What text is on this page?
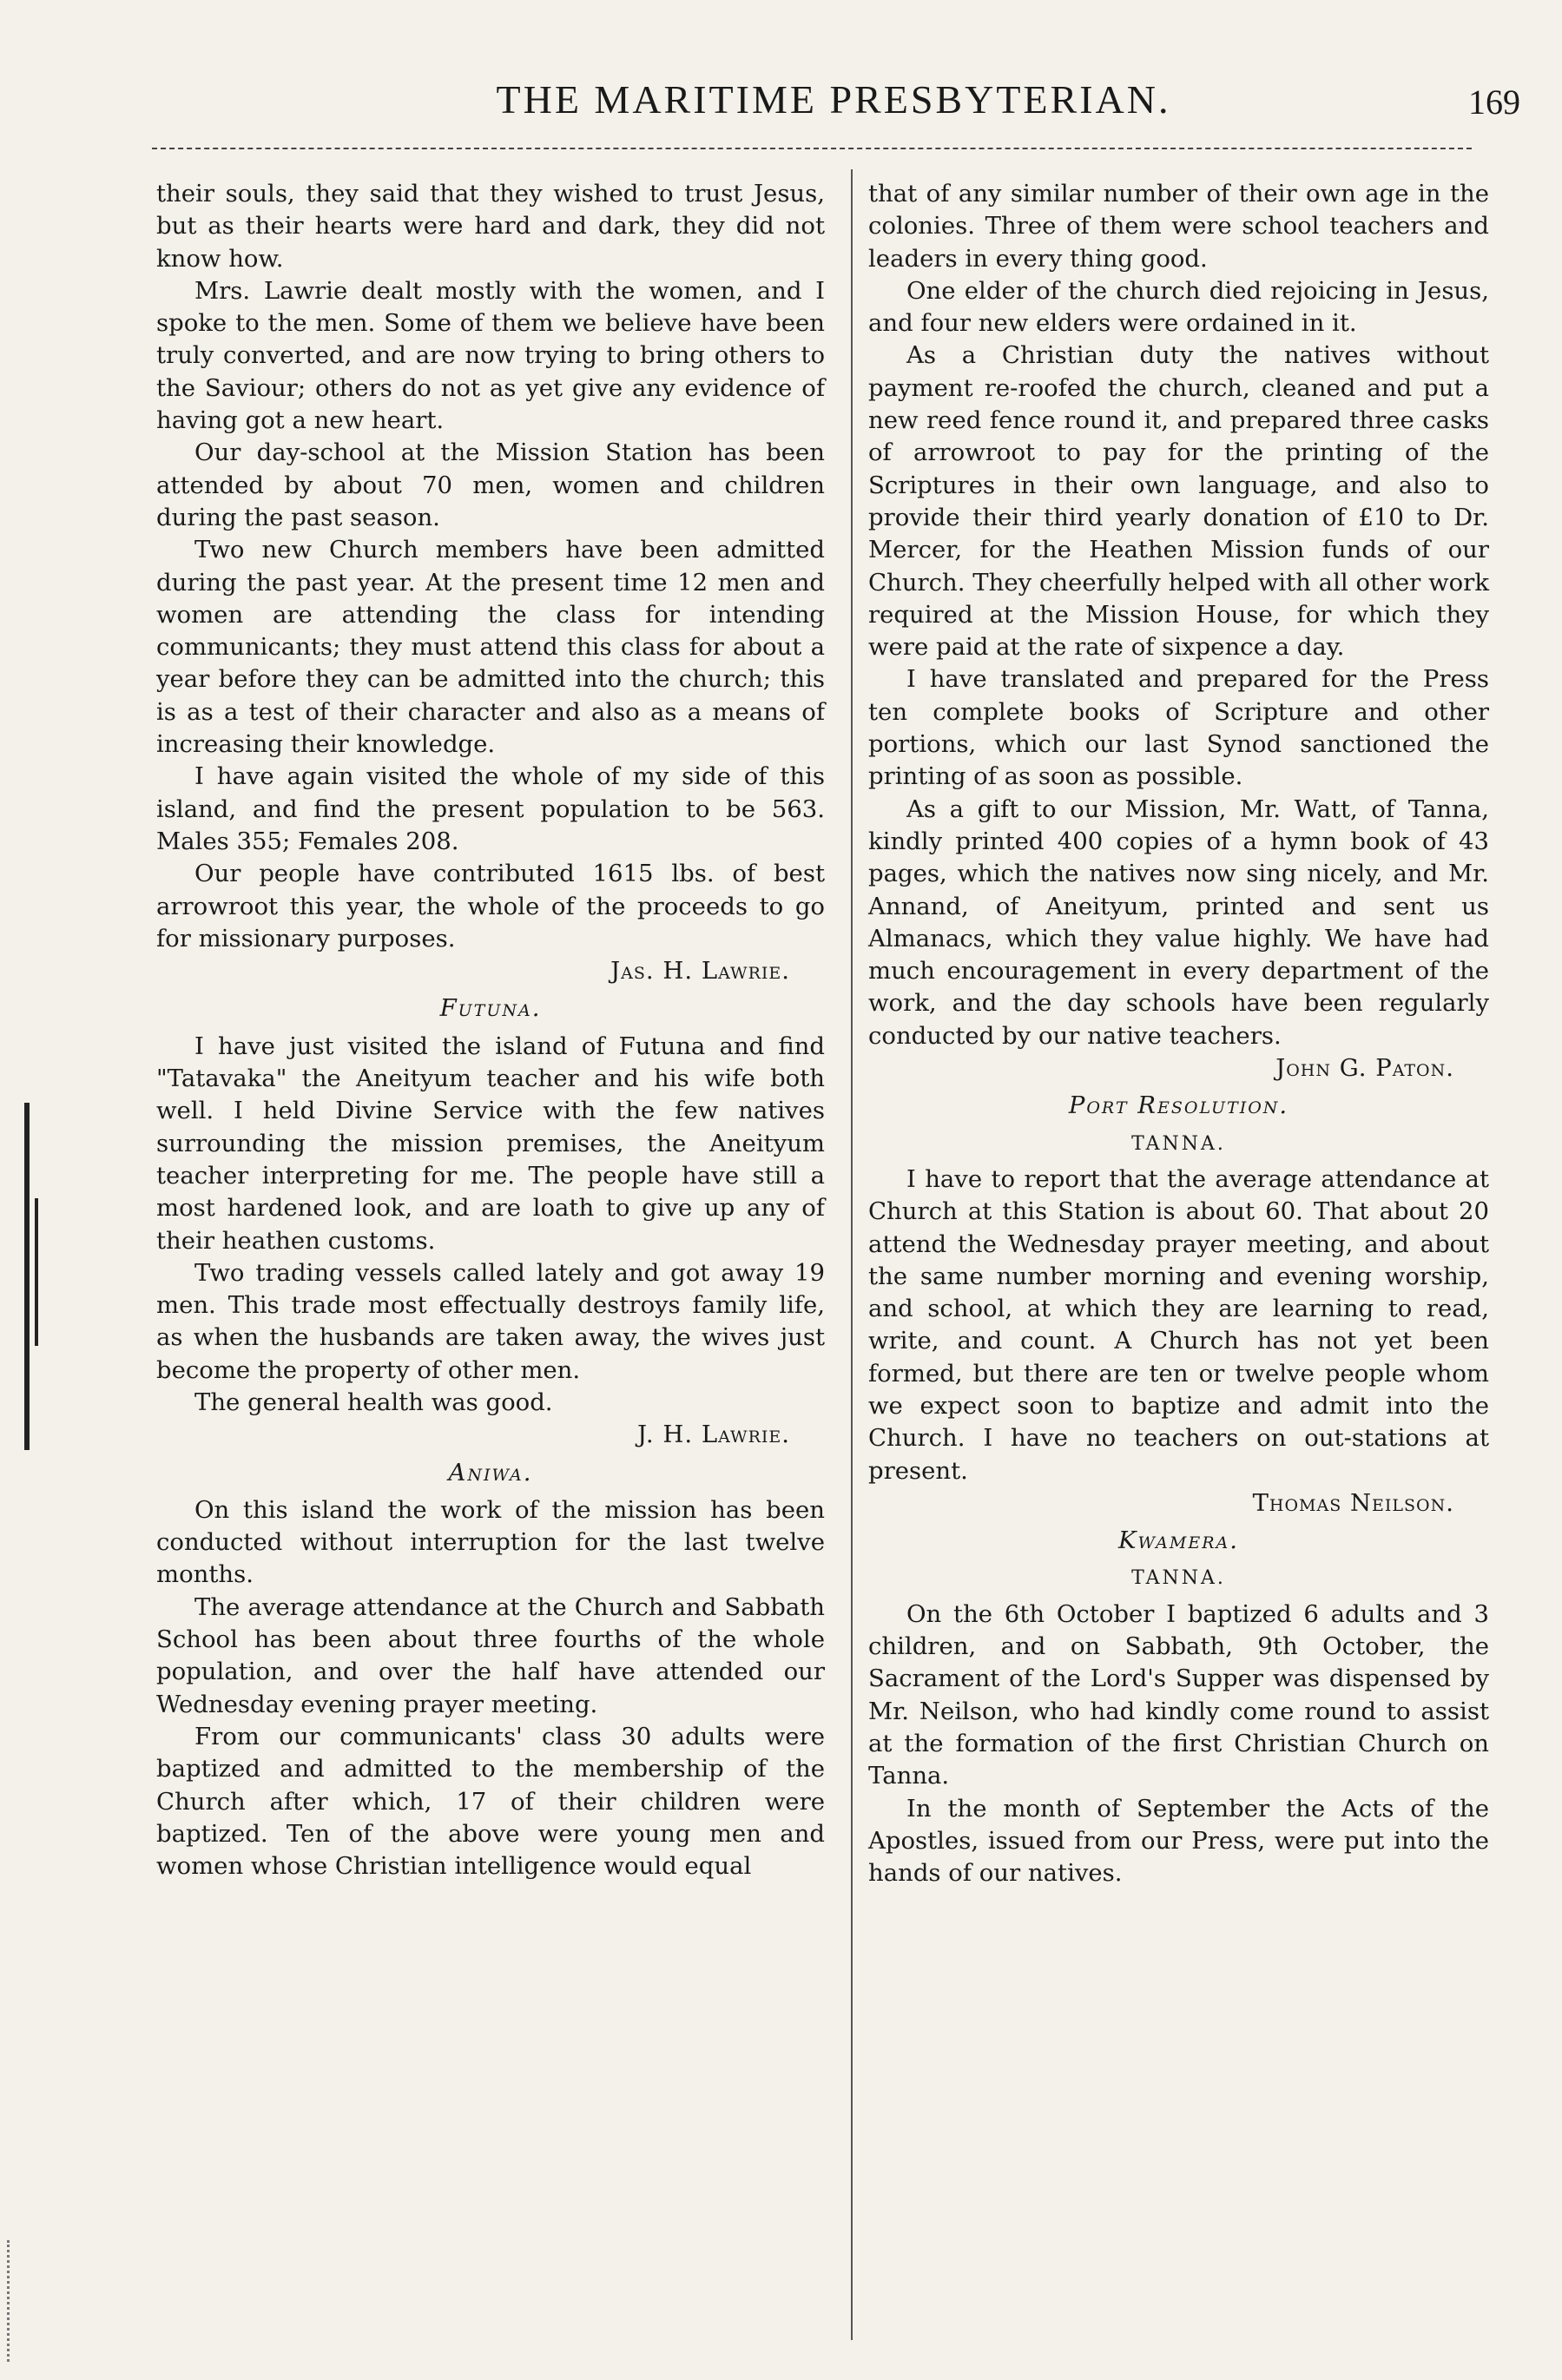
THE MARITIME PRESBYTERIAN.	169

their souls, they said that they wished to trust Jesus, but as their hearts were hard and dark, they did not know how.

Mrs. Lawrie dealt mostly with the women, and I spoke to the men. Some of them we believe have been truly converted, and are now trying to bring others to the Saviour; others do not as yet give any evidence of having got a new heart.

Our day-school at the Mission Station has been attended by about 70 men, women and children during the past season.

Two new Church members have been admitted during the past year. At the present time 12 men and women are attending the class for intending communicants; they must attend this class for about a year before they can be admitted into the church; this is as a test of their character and also as a means of increasing their knowledge.

I have again visited the whole of my side of this island, and find the present population to be 563. Males 355; Females 208.

Our people have contributed 1615 lbs. of best arrowroot this year, the whole of the proceeds to go for missionary purposes.

Jas. H. Lawrie.
Futuna.

I have just visited the island of Futuna and find "Tatavaka" the Aneityum teacher and his wife both well. I held Divine Service with the few natives surrounding the mission premises, the Aneityum teacher interpreting for me. The people have still a most hardened look, and are loath to give up any of their heathen customs.

Two trading vessels called lately and got away 19 men. This trade most effectually destroys family life, as when the husbands are taken away, the wives just become the property of other men.

The general health was good.

J. H. Lawrie.
Aniwa.

On this island the work of the mission has been conducted without interruption for the last twelve months.

The average attendance at the Church and Sabbath School has been about three fourths of the whole population, and over the half have attended our Wednesday evening prayer meeting.

From our communicants' class 30 adults were baptized and admitted to the membership of the Church after which, 17 of their children were baptized. Ten of the above were young men and women whose Christian intelligence would equal

that of any similar number of their own age in the colonies. Three of them were school teachers and leaders in every thing good.

One elder of the church died rejoicing in Jesus, and four new elders were ordained in it.

As a Christian duty the natives without payment re-roofed the church, cleaned and put a new reed fence round it, and prepared three casks of arrowroot to pay for the printing of the Scriptures in their own language, and also to provide their third yearly donation of £10 to Dr. Mercer, for the Heathen Mission funds of our Church. They cheerfully helped with all other work required at the Mission House, for which they were paid at the rate of sixpence a day.

I have translated and prepared for the Press ten complete books of Scripture and other portions, which our last Synod sanctioned the printing of as soon as possible.

As a gift to our Mission, Mr. Watt, of Tanna, kindly printed 400 copies of a hymn book of 43 pages, which the natives now sing nicely, and Mr. Annand, of Aneityum, printed and sent us Almanacs, which they value highly. We have had much encouragement in every department of the work, and the day schools have been regularly conducted by our native teachers.

John G. Paton.
Port Resolution.
TANNA.

I have to report that the average attendance at Church at this Station is about 60. That about 20 attend the Wednesday prayer meeting, and about the same number morning and evening worship, and school, at which they are learning to read, write, and count. A Church has not yet been formed, but there are ten or twelve people whom we expect soon to baptize and admit into the Church. I have no teachers on out-stations at present.

Thomas Neilson.
Kwamera.
TANNA.

On the 6th October I baptized 6 adults and 3 children, and on Sabbath, 9th October, the Sacrament of the Lord's Supper was dispensed by Mr. Neilson, who had kindly come round to assist at the formation of the first Christian Church on Tanna.

In the month of September the Acts of the Apostles, issued from our Press, were put into the hands of our natives.
